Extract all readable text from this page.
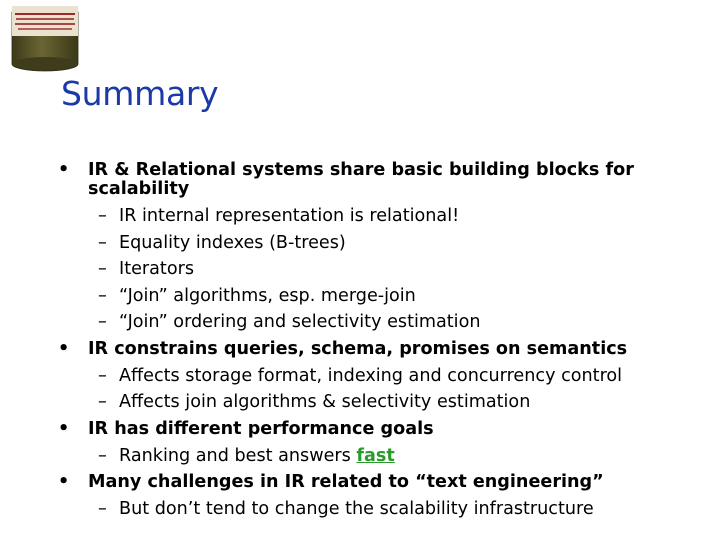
Summary
• IR & Relational systems share basic building blocks for scalability
– IR internal representation is relational!
– Equality indexes (B-trees)
– Iterators
– “Join” algorithms, esp. merge-join
– “Join” ordering and selectivity estimation
• IR constrains queries, schema, promises on semantics
– Affects storage format, indexing and concurrency control
– Affects join algorithms & selectivity estimation
• IR has different performance goals
– Ranking and best answers fast
• Many challenges in IR related to “text engineering”
– But don’t tend to change the scalability infrastructure
